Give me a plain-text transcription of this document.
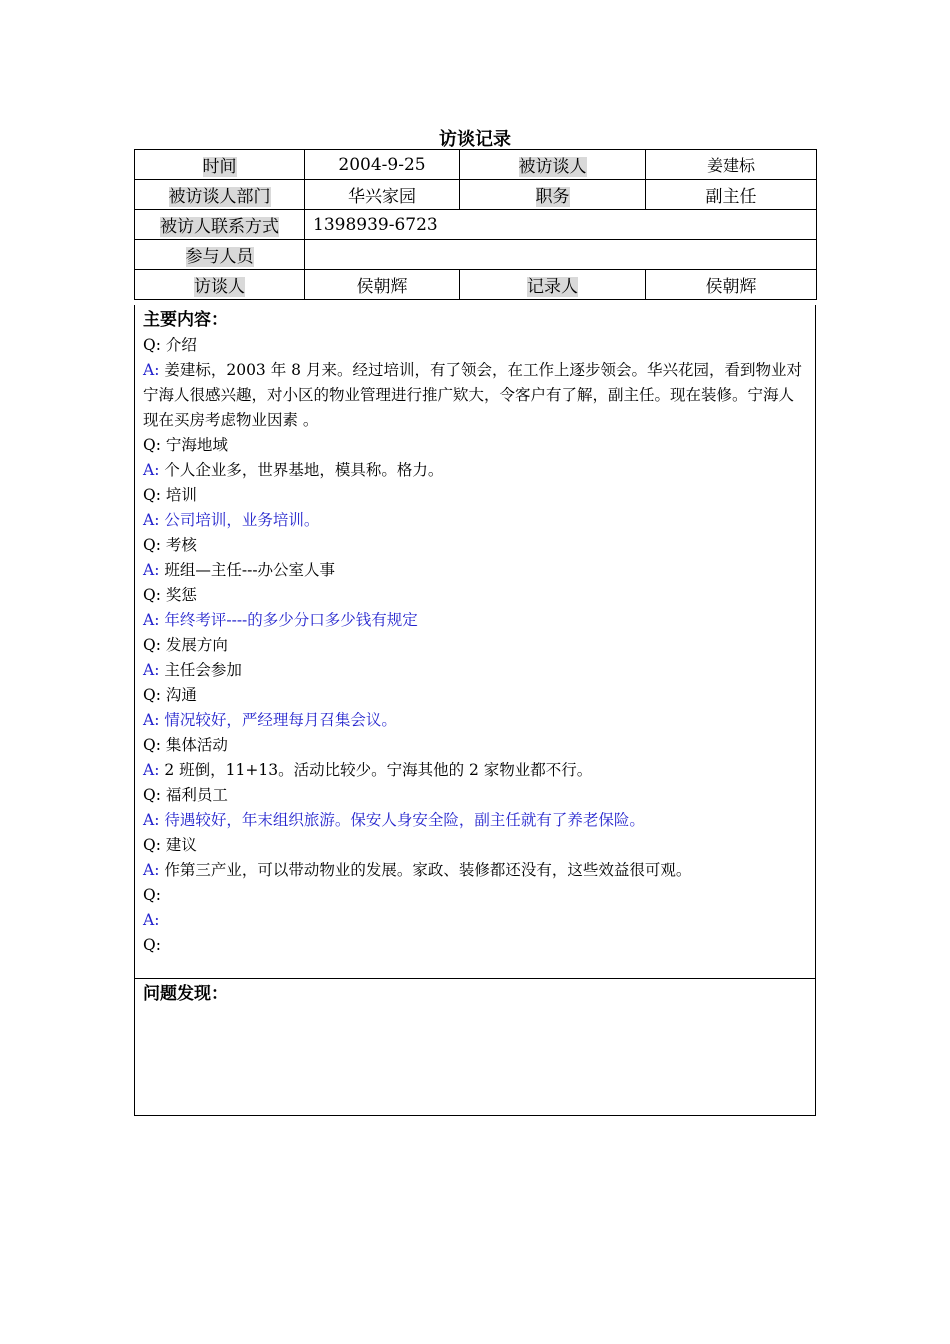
访谈记录
时间	2004-9-25	被访谈人	姜建标
被访谈人部门	华兴家园	职务	副主任
被访人联系方式	1398939-6723		
参与人员			
访谈人	侯朝辉	记录人	侯朝辉
主要内容：
Q: 介绍
A: 姜建标，2003 年 8 月来。经过培训，有了领会，在工作上逐步领会。华兴花园，看到物业对宁海人很感兴趣，对小区的物业管理进行推广欵大，令客户有了解，副主任。现在装修。宁海人现在买房考虑物业因素 。
Q: 宁海地域
A: 个人企业多，世界基地，模具称。格力。
Q: 培训
A: 公司培训，业务培训。
Q: 考核
A: 班组—主任---办公室人事
Q: 奖惩
A: 年终考评----的多少分口多少钱有规定
Q: 发展方向
A: 主任会参加
Q: 沟通
A: 情况较好，严经理每月召集会议。
Q: 集体活动
A: 2 班倒，11+13。活动比较少。宁海其他的 2 家物业都不行。
Q: 福利员工
A: 待遇较好，年末组织旅游。保安人身安全险，副主任就有了养老保险。
Q: 建议
A: 作第三产业，可以带动物业的发展。家政、装修都还没有，这些效益很可观。
Q:
A:
Q:
问题发现：
